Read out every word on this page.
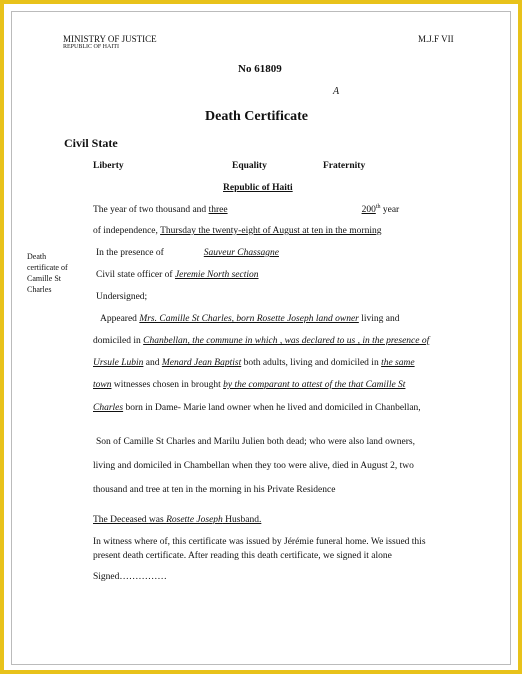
MINISTRY OF JUSTICE
REPUBLIC OF HAITI
M.J.F VII
No 61809
A
Death Certificate
Civil State
Liberty	Equality	Fraternity
Republic of Haiti
Death certificate of Camille St Charles
The year of two thousand and three	200th year
of independence, Thursday the twenty-eight of August at ten in the morning
In the presence of	Sauveur Chassagne
Civil state officer of Jeremie North section
Undersigned;
Appeared Mrs. Camille St Charles, born Rosette Joseph land owner living and
domiciled in Chanbellan, the commune in which , was declared to us , in the presence of
Ursule Lubin and Menard Jean Baptist both adults, living and domiciled in the same
town witnesses chosen in brought by the comparant to attest of the that Camille St
Charles born in Dame- Marie land owner when he lived and domiciled in Chanbellan,
Son of Camille St Charles and Marilu Julien both dead; who were also land owners,
living and domiciled in Chambellan when they too were alive, died in August 2, two
thousand and tree at ten in the morning in his Private Residence
The Deceased was Rosette Joseph Husband.
In witness where of, this certificate was issued by Jérémie funeral home. We issued this
present death certificate. After reading this death certificate, we signed it alone
Signed……………
